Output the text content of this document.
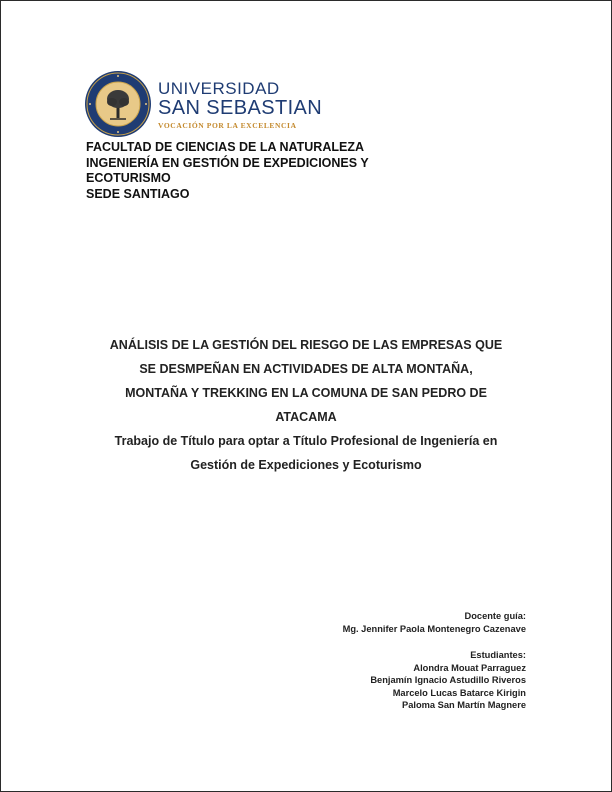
UNIVERSIDAD
SAN SEBASTIAN
VOCACIÓN POR LA EXCELENCIA
FACULTAD DE CIENCIAS DE LA NATURALEZA
INGENIERÍA EN GESTIÓN DE EXPEDICIONES Y
ECOTURISMO
SEDE SANTIAGO
ANÁLISIS DE LA GESTIÓN DEL RIESGO DE LAS EMPRESAS QUE
SE DESMPEÑAN EN ACTIVIDADES DE ALTA MONTAÑA,
MONTAÑA Y TREKKING EN LA COMUNA DE SAN PEDRO DE
ATACAMA
Trabajo de Título para optar a Título Profesional de Ingeniería en
Gestión de Expediciones y Ecoturismo
Docente guía:
Mg. Jennifer Paola Montenegro Cazenave
Estudiantes:
Alondra Mouat Parraguez
Benjamín Ignacio Astudillo Riveros
Marcelo Lucas Batarce Kirigin
Paloma San Martín Magnere
